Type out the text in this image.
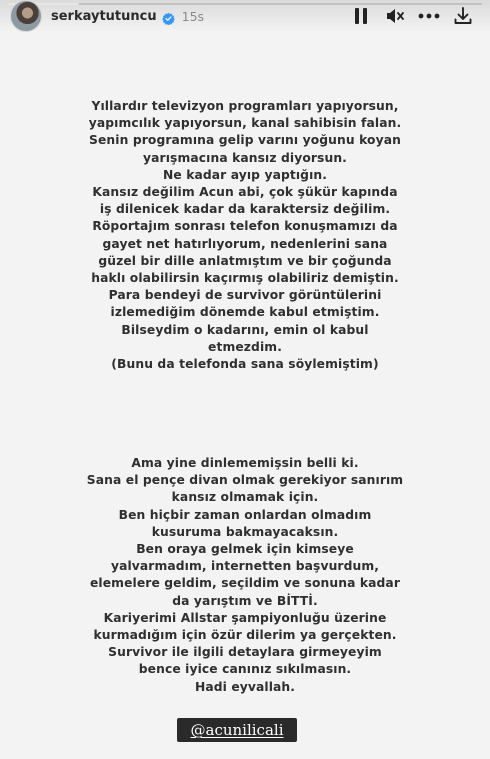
serkaytutuncu 15s
Yıllardır televizyon programları yapıyorsun,
yapımcılık yapıyorsun, kanal sahibisin falan.
Senin programına gelip varını yoğunu koyan
yarışmacına kansız diyorsun.
Ne kadar ayıp yaptığın.
Kansız değilim Acun abi, çok şükür kapında
iş dilenicek kadar da karaktersiz değilim.
Röportajım sonrası telefon konuşmamızı da
gayet net hatırlıyorum, nedenlerini sana
güzel bir dille anlatmıştım ve bir çoğunda
haklı olabilirsin kaçırmış olabiliriz demiştin.
Para bendeyi de survivor görüntülerini
izlemediğim dönemde kabul etmiştim.
Bilseydim o kadarını, emin ol kabul
etmezdim.
(Bunu da telefonda sana söylemiştim)
Ama yine dinlememişsin belli ki.
Sana el pençe divan olmak gerekiyor sanırım
kansız olmamak için.
Ben hiçbir zaman onlardan olmadım
kusuruma bakmayacaksın.
Ben oraya gelmek için kimseye
yalvarmadım, internetten başvurdum,
elemelere geldim, seçildim ve sonuna kadar
da yarıştım ve BİTTİ.
Kariyerimi Allstar şampiyonluğu üzerine
kurmadığım için özür dilerim ya gerçekten.
Survivor ile ilgili detaylara girmeyeyim
bence iyice canınız sıkılmasın.
Hadi eyvallah.
@acunilicali
